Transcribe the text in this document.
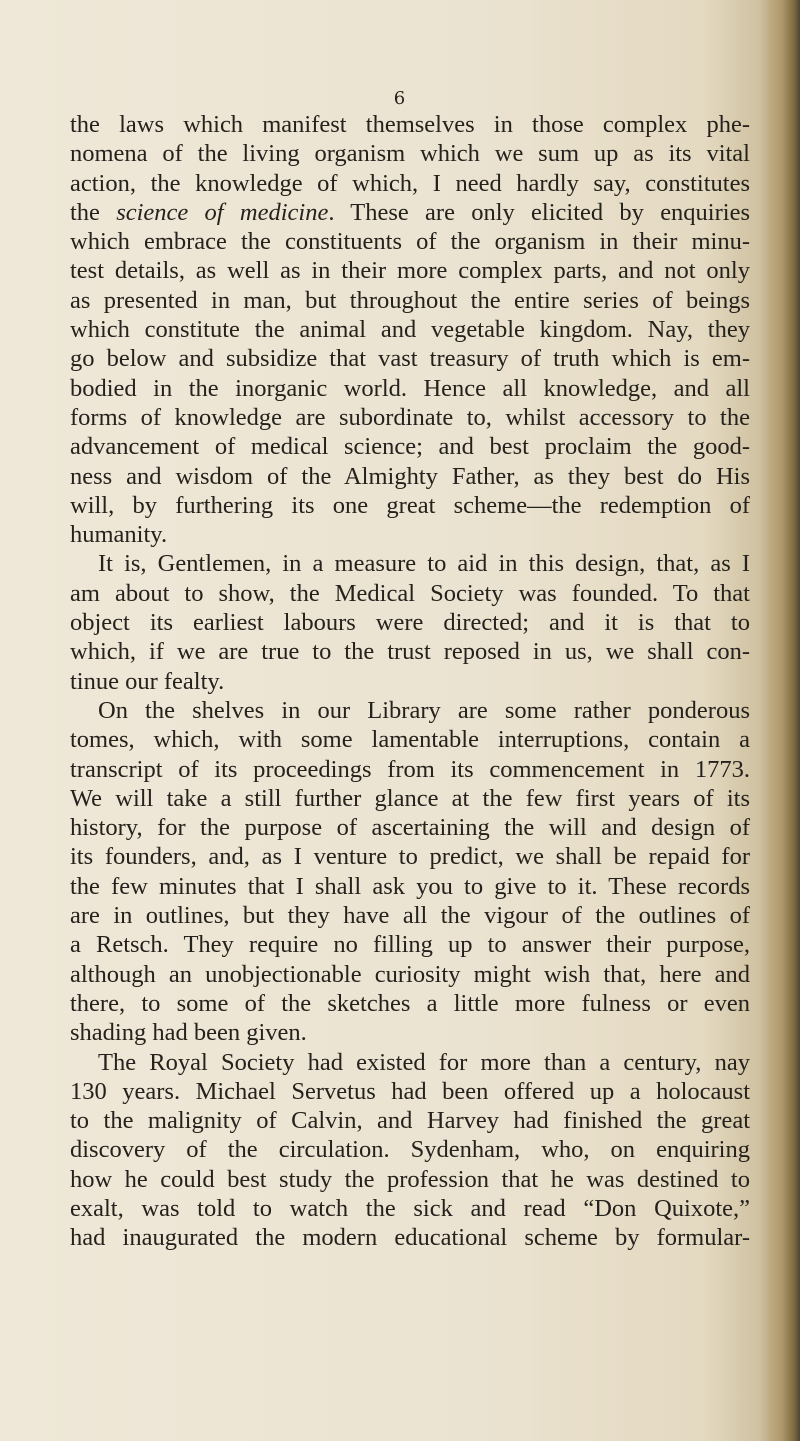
6
the laws which manifest themselves in those complex phe-
nomena of the living organism which we sum up as its vital
action, the knowledge of which, I need hardly say, constitutes
the science of medicine. These are only elicited by enquiries
which embrace the constituents of the organism in their minu-
test details, as well as in their more complex parts, and not only
as presented in man, but throughout the entire series of beings
which constitute the animal and vegetable kingdom. Nay, they
go below and subsidize that vast treasury of truth which is em-
bodied in the inorganic world. Hence all knowledge, and all
forms of knowledge are subordinate to, whilst accessory to the
advancement of medical science; and best proclaim the good-
ness and wisdom of the Almighty Father, as they best do His
will, by furthering its one great scheme—the redemption of
humanity.
It is, Gentlemen, in a measure to aid in this design, that, as I
am about to show, the Medical Society was founded. To that
object its earliest labours were directed; and it is that to
which, if we are true to the trust reposed in us, we shall con-
tinue our fealty.
On the shelves in our Library are some rather ponderous
tomes, which, with some lamentable interruptions, contain a
transcript of its proceedings from its commencement in 1773.
We will take a still further glance at the few first years of its
history, for the purpose of ascertaining the will and design of
its founders, and, as I venture to predict, we shall be repaid for
the few minutes that I shall ask you to give to it. These records
are in outlines, but they have all the vigour of the outlines of
a Retsch. They require no filling up to answer their purpose,
although an unobjectionable curiosity might wish that, here and
there, to some of the sketches a little more fulness or even
shading had been given.
The Royal Society had existed for more than a century, nay
130 years. Michael Servetus had been offered up a holocaust
to the malignity of Calvin, and Harvey had finished the great
discovery of the circulation. Sydenham, who, on enquiring
how he could best study the profession that he was destined to
exalt, was told to watch the sick and read “Don Quixote,”
had inaugurated the modern educational scheme by formular-
